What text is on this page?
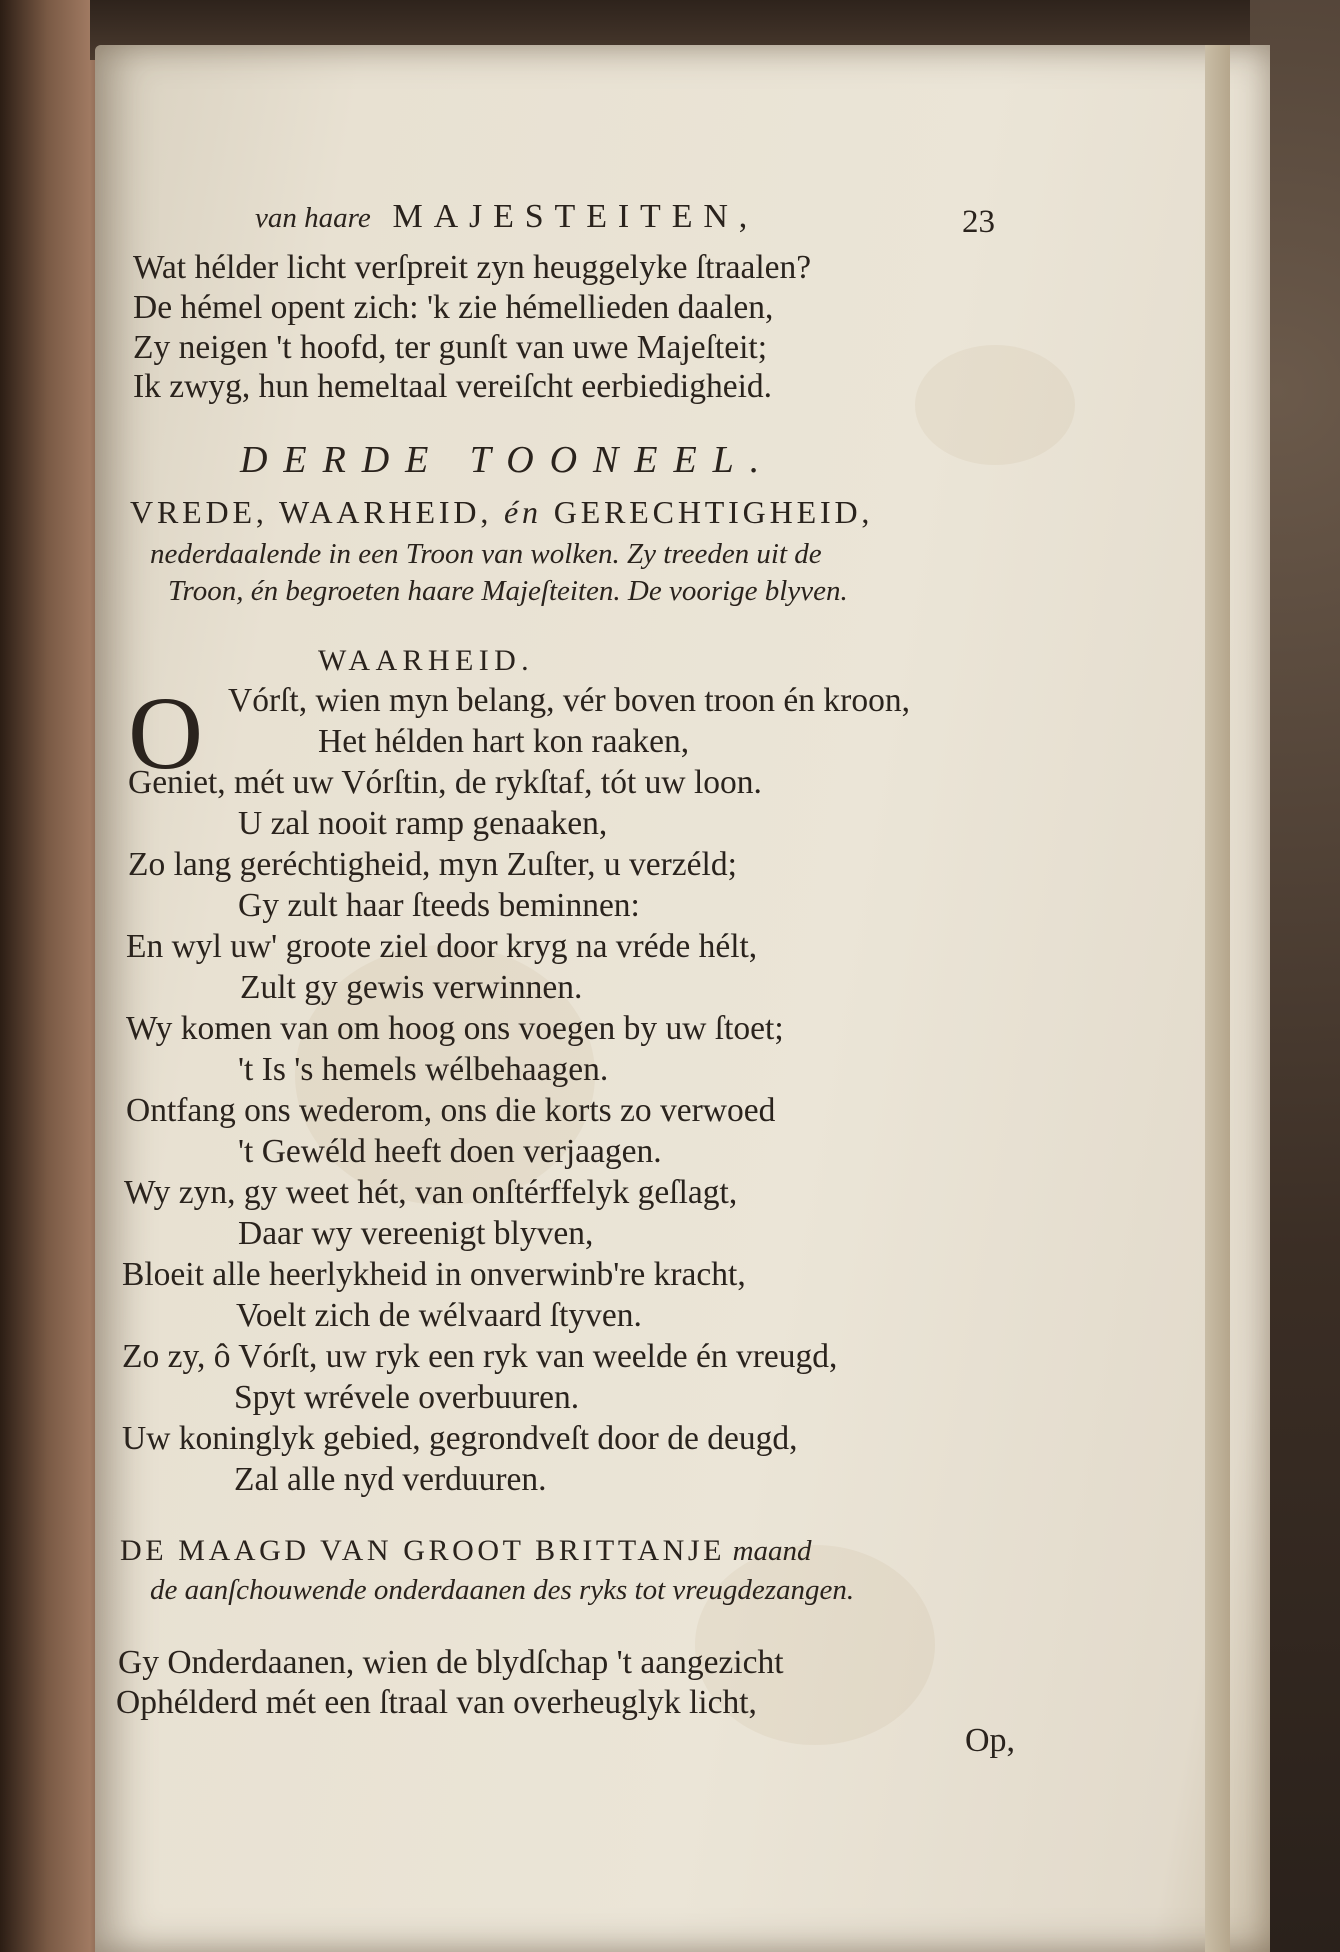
van haare MAJESTEITEN,	23
Wat hélder licht verſpreit zyn heuggelyke ſtraalen?
De hémel opent zich: 'k zie hémellieden daalen,
Zy neigen 't hoofd, ter gunſt van uwe Majeſteit;
Ik zwyg, hun hemeltaal vereiſcht eerbiedigheid.
DERDE TOONEEL.
VREDE, WAARHEID, én GERECHTIGHEID,
nederdaalende in een Troon van wolken. Zy treeden uit de
Troon, én begroeten haare Majeſteiten. De voorige blyven.
WAARHEID.
O Vórſt, wien myn belang, vér boven troon én kroon,
Het hélden hart kon raaken,
Geniet, mét uw Vórſtin, de rykſtaf, tót uw loon.
U zal nooit ramp genaaken,
Zo lang geréchtigheid, myn Zuſter, u verzéld;
Gy zult haar ſteeds beminnen:
En wyl uw' groote ziel door kryg na vréde hélt,
Zult gy gewis verwinnen.
Wy komen van om hoog ons voegen by uw ſtoet;
't Is 's hemels wélbehaagen.
Ontfang ons wederom, ons die korts zo verwoed
't Gewéld heeft doen verjaagen.
Wy zyn, gy weet hét, van onſtérffelyk geſlagt,
Daar wy vereenigt blyven,
Bloeit alle heerlykheid in onverwinb're kracht,
Voelt zich de wélvaard ſtyven.
Zo zy, ô Vórſt, uw ryk een ryk van weelde én vreugd,
Spyt wrévele overbuuren.
Uw koninglyk gebied, gegrondveſt door de deugd,
Zal alle nyd verduuren.
DE MAAGD VAN GROOT BRITTANJE maand
de aanſchouwende onderdaanen des ryks tot vreugdezangen.
Gy Onderdaanen, wien de blydſchap 't aangezicht
Ophélderd mét een ſtraal van overheuglyk licht,
Op,
